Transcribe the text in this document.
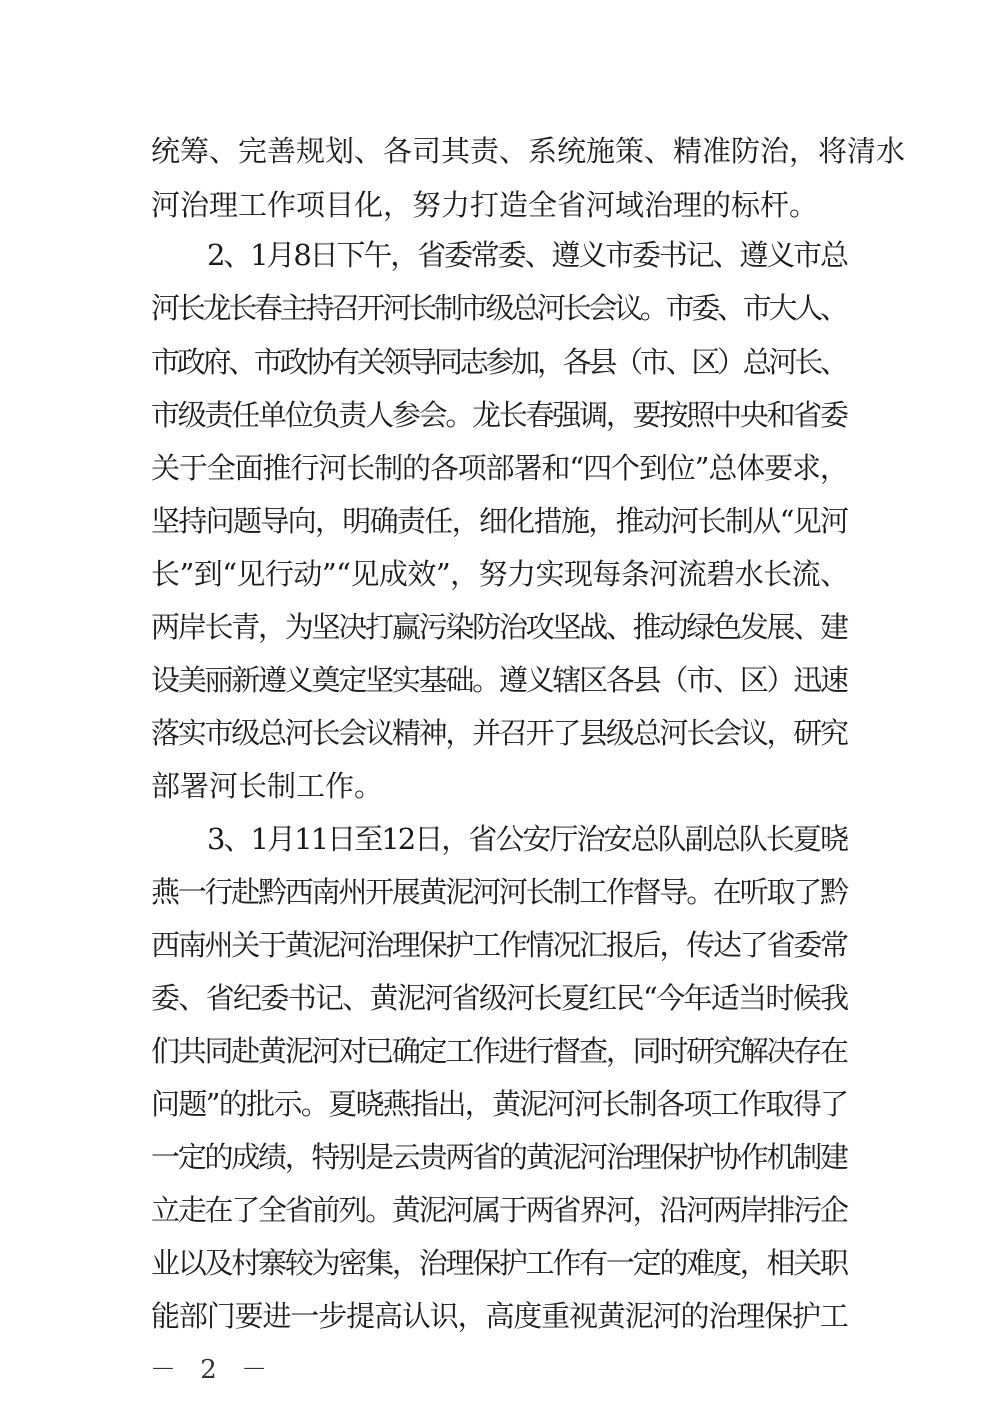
统筹、完善规划、各司其责、系统施策、精准防治，将清水
河治理工作项目化，努力打造全省河域治理的标杆。
2、1月8日下午，省委常委、遵义市委书记、遵义市总
河长龙长春主持召开河长制市级总河长会议。市委、市大人、
市政府、市政协有关领导同志参加，各县（市、区）总河长、
市级责任单位负责人参会。龙长春强调，要按照中央和省委
关于全面推行河长制的各项部署和“四个到位”总体要求，
坚持问题导向，明确责任，细化措施，推动河长制从“见河
长”到“见行动”“见成效”，努力实现每条河流碧水长流、
两岸长青，为坚决打赢污染防治攻坚战、推动绿色发展、建
设美丽新遵义奠定坚实基础。遵义辖区各县（市、区）迅速
落实市级总河长会议精神，并召开了县级总河长会议，研究
部署河长制工作。
3、1月11日至12日，省公安厅治安总队副总队长夏晓
燕一行赴黔西南州开展黄泥河河长制工作督导。在听取了黔
西南州关于黄泥河治理保护工作情况汇报后，传达了省委常
委、省纪委书记、黄泥河省级河长夏红民“今年适当时候我
们共同赴黄泥河对已确定工作进行督查，同时研究解决存在
问题”的批示。夏晓燕指出，黄泥河河长制各项工作取得了
一定的成绩，特别是云贵两省的黄泥河治理保护协作机制建
立走在了全省前列。黄泥河属于两省界河，沿河两岸排污企
业以及村寨较为密集，治理保护工作有一定的难度，相关职
能部门要进一步提高认识，高度重视黄泥河的治理保护工
－ 2 －
